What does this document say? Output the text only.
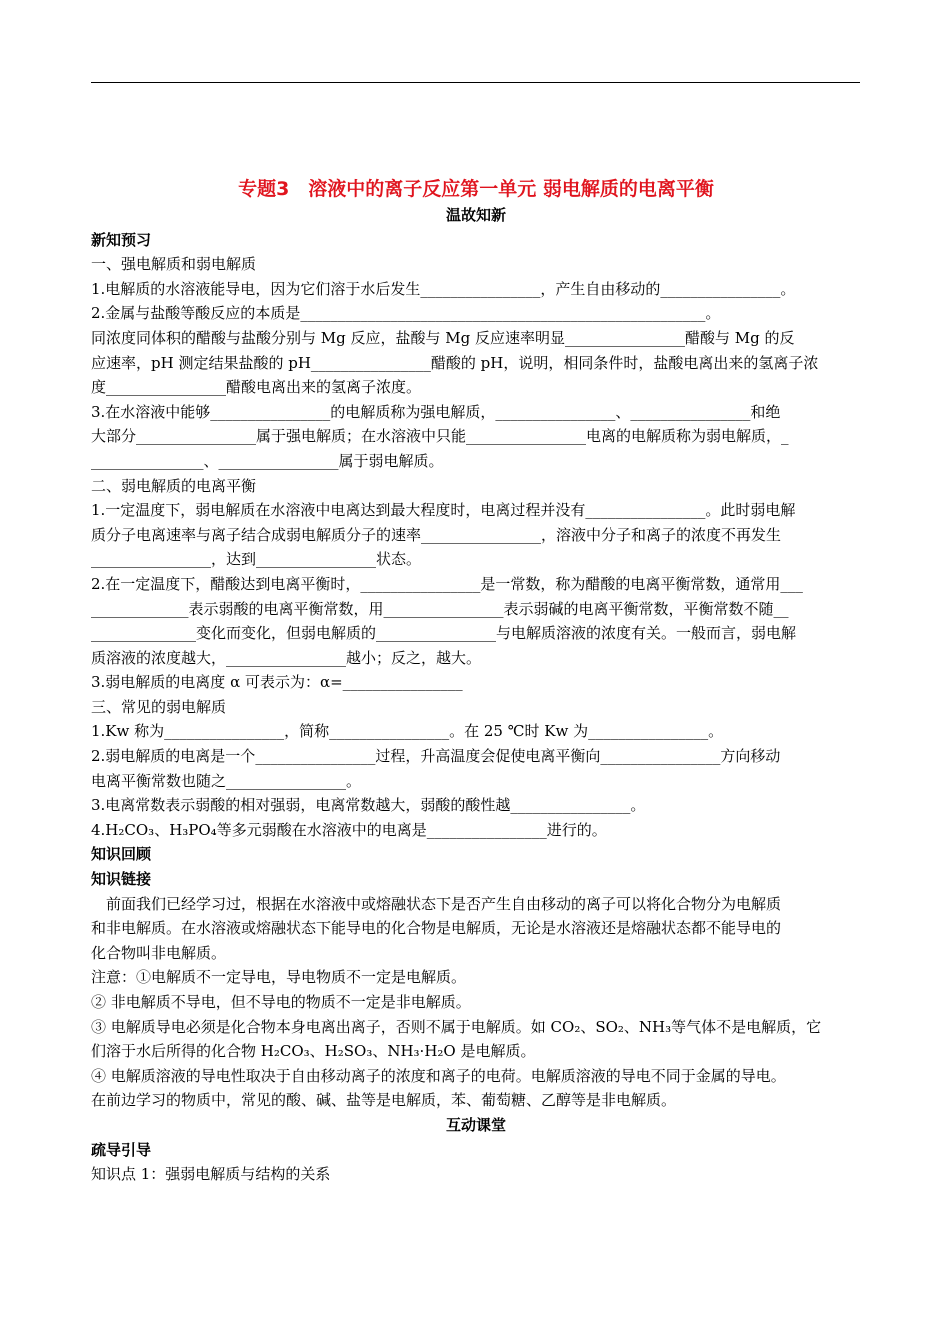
专题3　溶液中的离子反应第一单元 弱电解质的电离平衡
温故知新
新知预习
一、强电解质和弱电解质
1.电解质的水溶液能导电，因为它们溶于水后发生________________，产生自由移动的________________。
2.金属与盐酸等酸反应的本质是______________________________________________________。
同浓度同体积的醋酸与盐酸分别与 Mg 反应，盐酸与 Mg 反应速率明显________________醋酸与 Mg 的反
应速率，pH 测定结果盐酸的 pH________________醋酸的 pH，说明，相同条件时，盐酸电离出来的氢离子浓
度________________醋酸电离出来的氢离子浓度。
3.在水溶液中能够________________的电解质称为强电解质，________________、________________和绝
大部分________________属于强电解质；在水溶液中只能________________电离的电解质称为弱电解质，_
_______________、________________属于弱电解质。
二、弱电解质的电离平衡
1.一定温度下，弱电解质在水溶液中电离达到最大程度时，电离过程并没有________________。此时弱电解
质分子电离速率与离子结合成弱电解质分子的速率________________，溶液中分子和离子的浓度不再发生
________________，达到________________状态。
2.在一定温度下，醋酸达到电离平衡时，________________是一常数，称为醋酸的电离平衡常数，通常用___
_____________表示弱酸的电离平衡常数，用________________表示弱碱的电离平衡常数，平衡常数不随__
______________变化而变化，但弱电解质的________________与电解质溶液的浓度有关。一般而言，弱电解
质溶液的浓度越大，________________越小；反之，越大。
3.弱电解质的电离度 α 可表示为：α=________________
三、常见的弱电解质
1.Kw 称为________________，简称________________。在 25 ℃时 Kw 为________________。
2.弱电解质的电离是一个________________过程，升高温度会促使电离平衡向________________方向移动
电离平衡常数也随之________________。
3.电离常数表示弱酸的相对强弱，电离常数越大，弱酸的酸性越________________。
4.H₂CO₃、H₃PO₄等多元弱酸在水溶液中的电离是________________进行的。
知识回顾
知识链接
　前面我们已经学习过，根据在水溶液中或熔融状态下是否产生自由移动的离子可以将化合物分为电解质
和非电解质。在水溶液或熔融状态下能导电的化合物是电解质，无论是水溶液还是熔融状态都不能导电的
化合物叫非电解质。
注意：①电解质不一定导电，导电物质不一定是电解质。
② 非电解质不导电，但不导电的物质不一定是非电解质。
③ 电解质导电必须是化合物本身电离出离子，否则不属于电解质。如 CO₂、SO₂、NH₃等气体不是电解质，它
们溶于水后所得的化合物 H₂CO₃、H₂SO₃、NH₃·H₂O 是电解质。
④ 电解质溶液的导电性取决于自由移动离子的浓度和离子的电荷。电解质溶液的导电不同于金属的导电。
在前边学习的物质中，常见的酸、碱、盐等是电解质，苯、葡萄糖、乙醇等是非电解质。
互动课堂
疏导引导
知识点 1：强弱电解质与结构的关系
